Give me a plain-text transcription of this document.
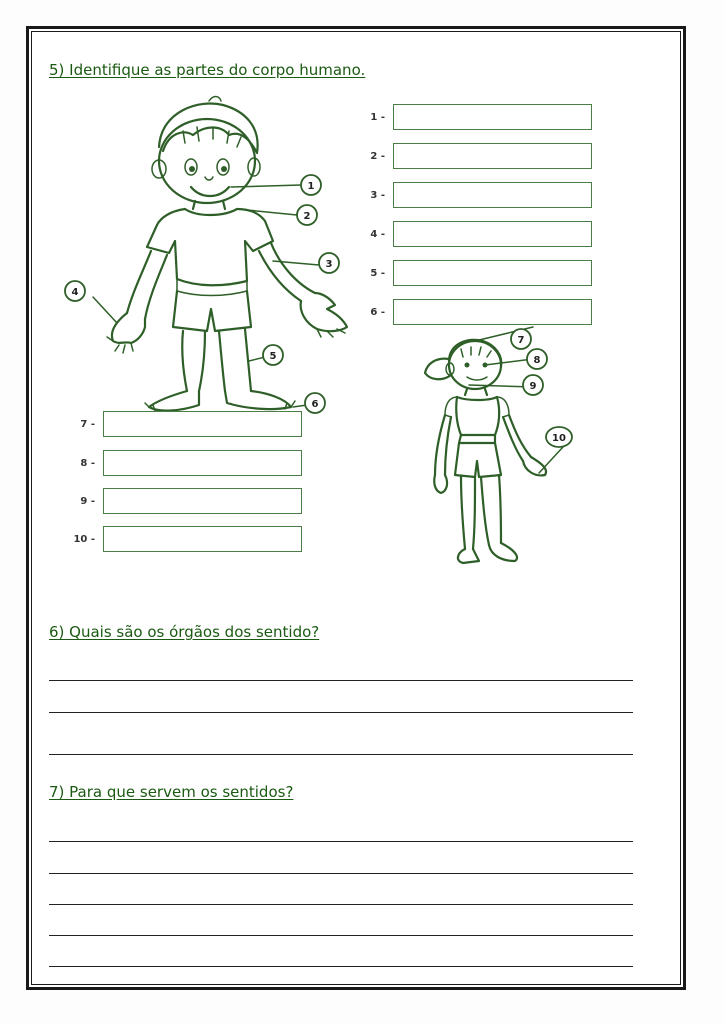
5) Identifique as partes do corpo humano.

1
2
3
4
5
6
1 -
2 -
3 -
4 -
5 -
6 -
7
8
9
10
7 -
8 -
9 -
10 -

6) Quais são os órgãos dos sentido?

7) Para que servem os sentidos?
